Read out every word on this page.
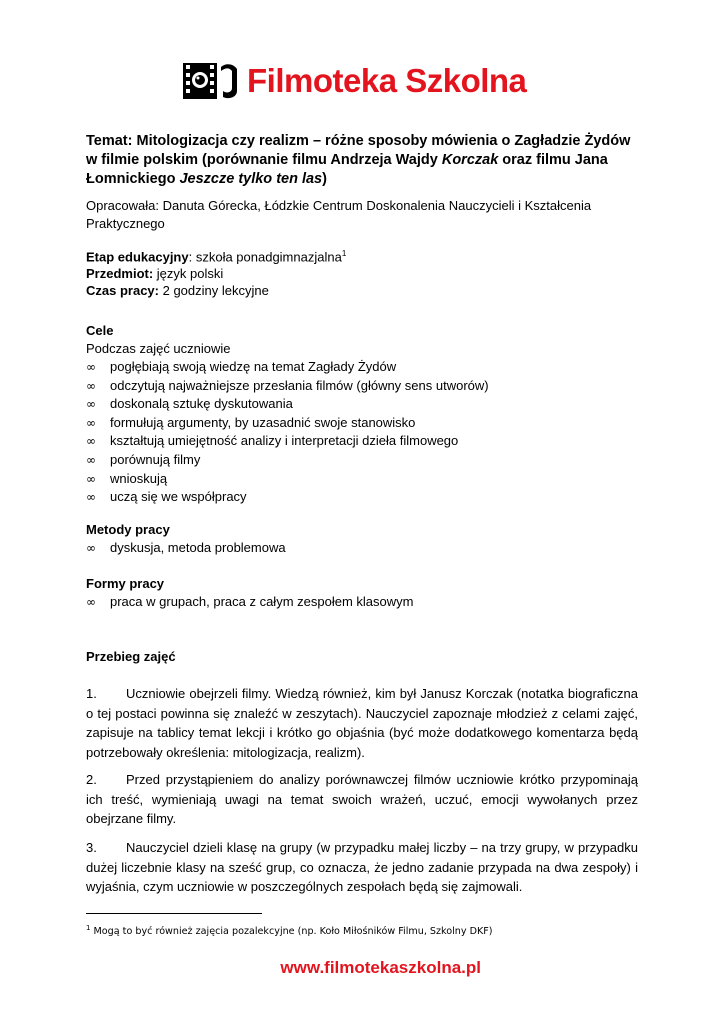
Filmoteka Szkolna
Temat: Mitologizacja czy realizm – różne sposoby mówienia o Zagładzie Żydów w filmie polskim (porównanie filmu Andrzeja Wajdy Korczak oraz filmu Jana Łomnickiego Jeszcze tylko ten las)
Opracowała: Danuta Górecka, Łódzkie Centrum Doskonalenia Nauczycieli i Kształcenia Praktycznego
Etap edukacyjny: szkoła ponadgimnazjalna$^1$
Przedmiot: język polski
Czas pracy: 2 godziny lekcyjne
Cele
Podczas zajęć uczniowie
∞ pogłębiają swoją wiedzę na temat Zagłady Żydów
∞ odczytują najważniejsze przesłania filmów (główny sens utworów)
∞ doskonalą sztukę dyskutowania
∞ formułują argumenty, by uzasadnić swoje stanowisko
∞ kształtują umiejętność analizy i interpretacji dzieła filmowego
∞ porównują filmy
∞ wnioskują
∞ uczą się we współpracy
Metody pracy
∞ dyskusja, metoda problemowa
Formy pracy
∞ praca w grupach, praca z całym zespołem klasowym
Przebieg zajęć
1. Uczniowie obejrzeli filmy. Wiedzą również, kim był Janusz Korczak (notatka biograficzna o tej postaci powinna się znaleźć w zeszytach). Nauczyciel zapoznaje młodzież z celami zajęć, zapisuje na tablicy temat lekcji i krótko go objaśnia (być może dodatkowego komentarza będą potrzebowały określenia: mitologizacja, realizm).
2. Przed przystąpieniem do analizy porównawczej filmów uczniowie krótko przypominają ich treść, wymieniają uwagi na temat swoich wrażeń, uczuć, emocji wywołanych przez obejrzane filmy.
3. Nauczyciel dzieli klasę na grupy (w przypadku małej liczby – na trzy grupy, w przypadku dużej liczebnie klasy na sześć grup, co oznacza, że jedno zadanie przypada na dwa zespoły) i wyjaśnia, czym uczniowie w poszczególnych zespołach będą się zajmowali.
$^1$ Mogą to być również zajęcia pozalekcyjne (np. Koło Miłośników Filmu, Szkolny DKF)
www.filmotekaszkolna.pl
